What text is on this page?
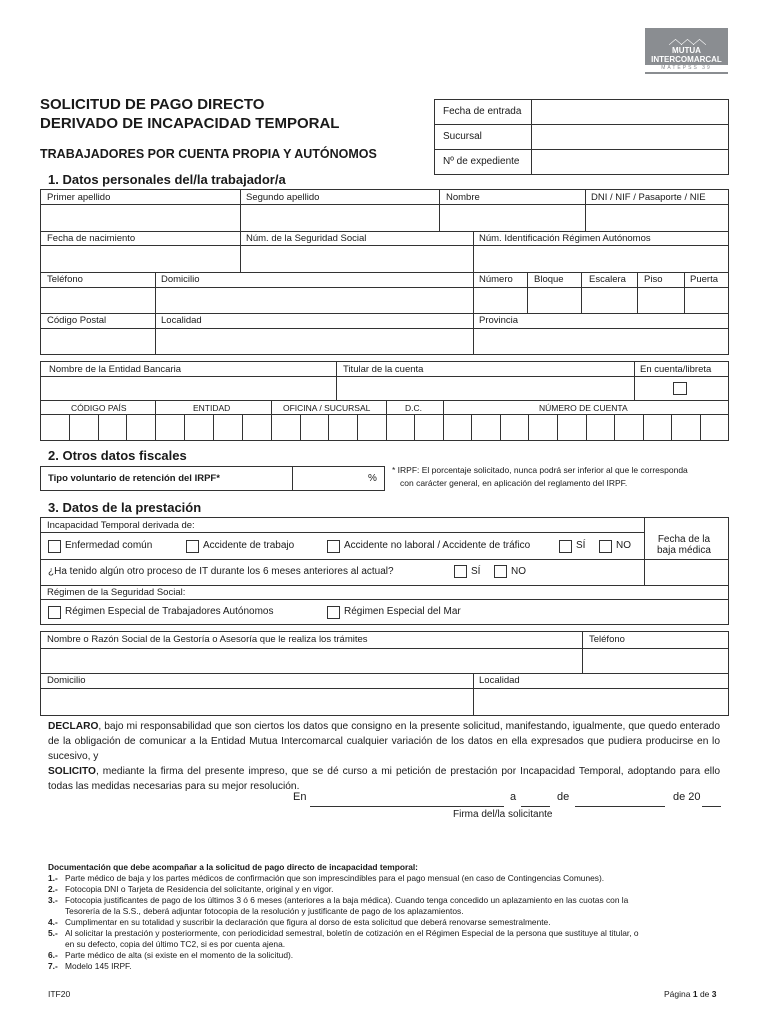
︿︿︿
MUTUA
INTERCOMARCAL
MATEPSS 39
SOLICITUD DE PAGO DIRECTO
DERIVADO DE INCAPACIDAD TEMPORAL
TRABAJADORES POR CUENTA PROPIA Y AUTÓNOMOS
Fecha de entrada
Sucursal
Nº de expediente
1. Datos personales del/la trabajador/a
Primer apellido	Segundo apellido	Nombre	DNI / NIF / Pasaporte / NIE
Fecha de nacimiento	Núm. de la Seguridad Social	Núm. Identificación Régimen Autónomos
Teléfono	Domicilio	Número Bloque	Escalera Piso	Puerta
Código Postal	Localidad	Provincia
Nombre de la Entidad Bancaria	Titular de la cuenta	En cuenta/libreta
CÓDIGO PAÍS	ENTIDAD	OFICINA / SUCURSAL	D.C.	NÚMERO DE CUENTA
2. Otros datos fiscales
Tipo voluntario de retención del IRPF*	%
* IRPF: El porcentaje solicitado, nunca podrá ser inferior al que le corresponda
con carácter general, en aplicación del reglamento del IRPF.
3. Datos de la prestación
Incapacidad Temporal derivada de:
Enfermedad común	Accidente de trabajo	Accidente no laboral / Accidente de tráfico	SÍ	NO
Fecha de la
baja médica
¿Ha tenido algún otro proceso de IT durante los 6 meses anteriores al actual?	SÍ	NO
Régimen de la Seguridad Social:
Régimen Especial de Trabajadores Autónomos	Régimen Especial del Mar
Nombre o Razón Social de la Gestoría o Asesoría que le realiza los trámites	Teléfono
Domicilio	Localidad
DECLARO, bajo mi responsabilidad que son ciertos los datos que consigno en la presente solicitud, manifestando, igualmente, que quedo enterado de la obligación de comunicar a la Entidad Mutua Intercomarcal cualquier variación de los datos en ella expresados que pudiera producirse en lo sucesivo, y
SOLICITO, mediante la firma del presente impreso, que se dé curso a mi petición de prestación por Incapacidad Temporal, adoptando para ello todas las medidas necesarias para su mejor resolución.
En	a	de	de 20
Firma del/la solicitante
Documentación que debe acompañar a la solicitud de pago directo de incapacidad temporal:
1.- Parte médico de baja y los partes médicos de confirmación que son imprescindibles para el pago mensual (en caso de Contingencias Comunes).
2.- Fotocopia DNI o Tarjeta de Residencia del solicitante, original y en vigor.
3.- Fotocopia justificantes de pago de los últimos 3 ó 6 meses (anteriores a la baja médica). Cuando tenga concedido un aplazamiento en las cuotas con la
Tesorería de la S.S., deberá adjuntar fotocopia de la resolución y justificante de pago de los aplazamientos.
4.- Cumplimentar en su totalidad y suscribir la declaración que figura al dorso de esta solicitud que deberá renovarse semestralmente.
5.- Al solicitar la prestación y posteriormente, con periodicidad semestral, boletín de cotización en el Régimen Especial de la persona que sustituye al titular, o
en su defecto, copia del último TC2, si es por cuenta ajena.
6.- Parte médico de alta (si existe en el momento de la solicitud).
7.- Modelo 145 IRPF.
ITF20	Página 1 de 3
